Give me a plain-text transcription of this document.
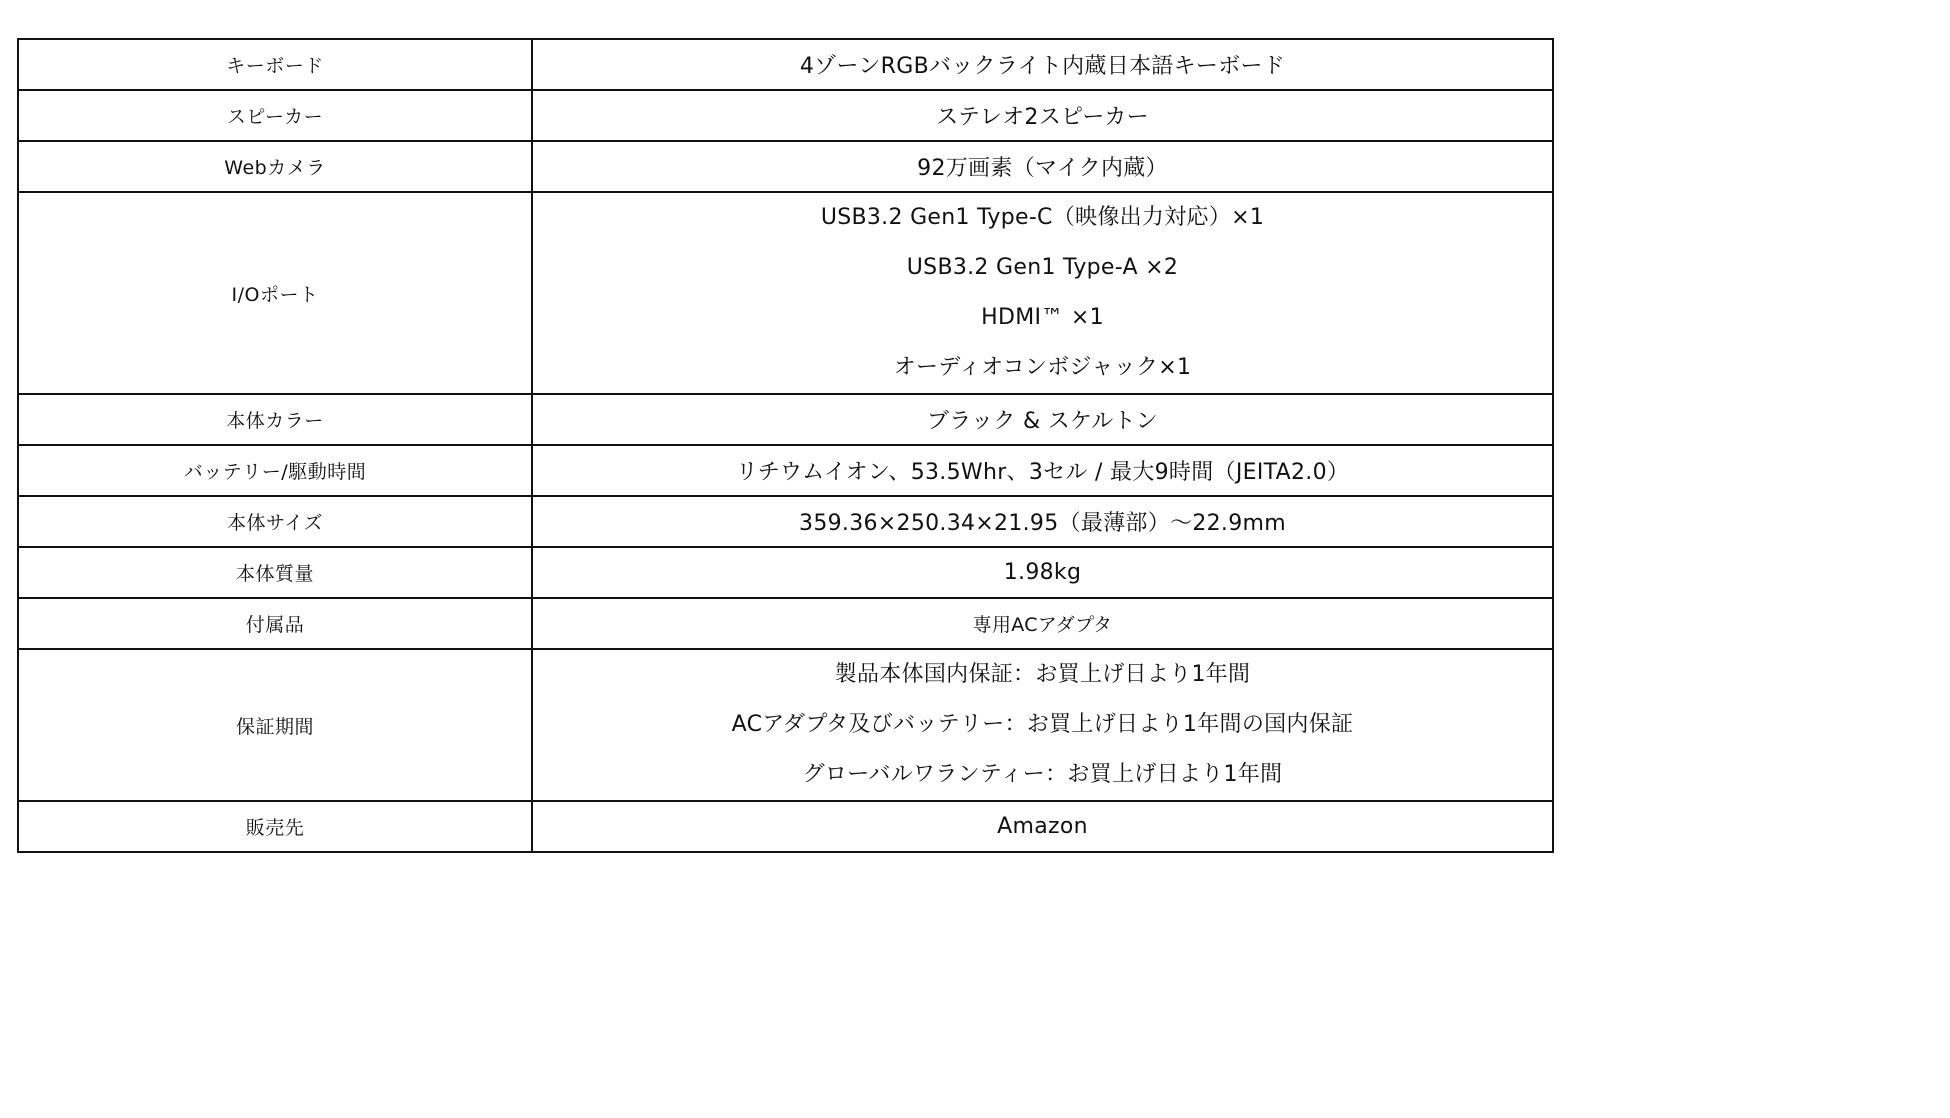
キーボード	4ゾーンRGBバックライト内蔵日本語キーボード
スピーカー	ステレオ2スピーカー
Webカメラ	92万画素（マイク内蔵）
I/Oポート	USB3.2 Gen1 Type-C（映像出力対応）×1
USB3.2 Gen1 Type-A ×2
HDMI™ ×1
オーディオコンボジャック×1

本体カラー	ブラック & スケルトン
バッテリー/駆動時間	リチウムイオン、53.5Whr、3セル / 最大9時間（JEITA2.0）
本体サイズ	359.36×250.34×21.95（最薄部）～22.9mm
本体質量	1.98kg
付属品	専用ACアダプタ
保証期間	製品本体国内保証：お買上げ日より1年間
ACアダプタ及びバッテリー：お買上げ日より1年間の国内保証
グローバルワランティー：お買上げ日より1年間

販売先	Amazon
